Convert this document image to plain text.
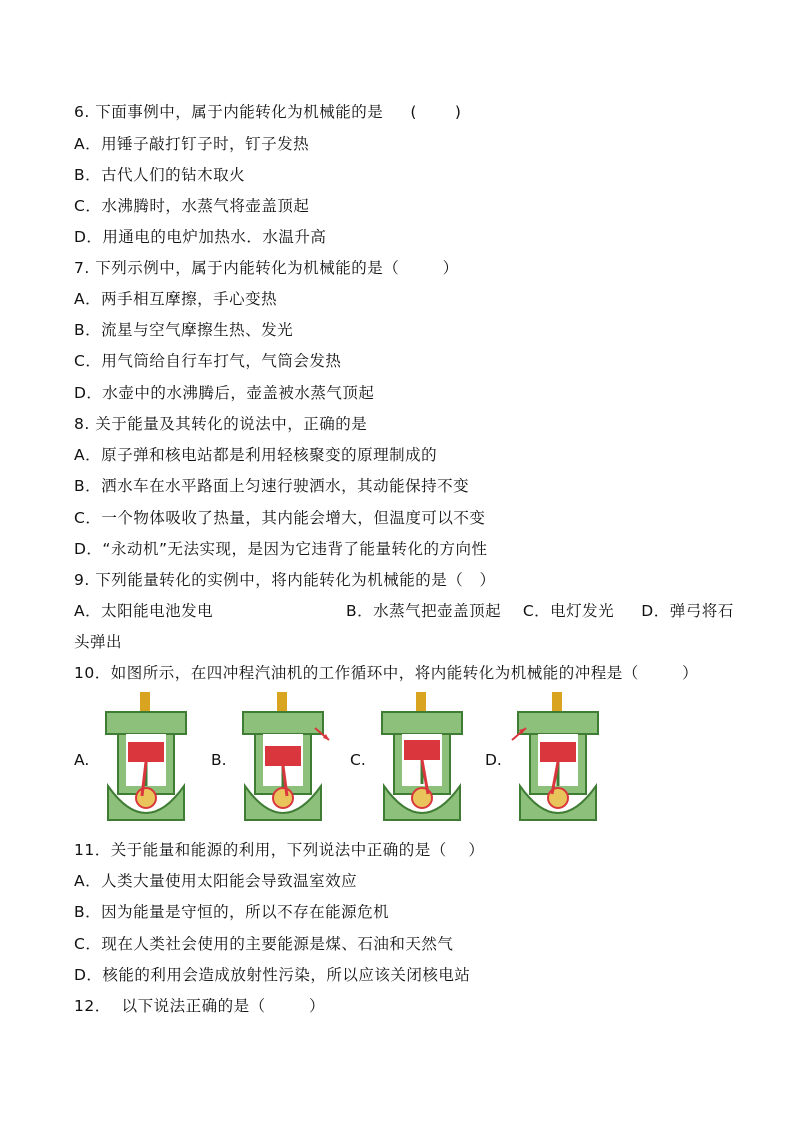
6. 下面事例中，属于内能转化为机械能的是     (       )
A．用锤子敲打钉子时，钉子发热
B．古代人们的钻木取火
C．水沸腾时，水蒸气将壶盖顶起
D．用通电的电炉加热水．水温升高
7. 下列示例中，属于内能转化为机械能的是（        ）
A．两手相互摩擦，手心变热
B．流星与空气摩擦生热、发光
C．用气筒给自行车打气，气筒会发热
D．水壶中的水沸腾后，壶盖被水蒸气顶起
8. 关于能量及其转化的说法中，正确的是
A．原子弹和核电站都是利用轻核聚变的原理制成的
B．洒水车在水平路面上匀速行驶洒水，其动能保持不变
C．一个物体吸收了热量，其内能会增大，但温度可以不变
D．“永动机”无法实现，是因为它违背了能量转化的方向性
9. 下列能量转化的实例中，将内能转化为机械能的是（   ）
A．太阳能电池发电	B．水蒸气把壶盖顶起    C．电灯发光     D．弹弓将石
头弹出
10．如图所示，在四冲程汽油机的工作循环中，将内能转化为机械能的冲程是（        ）
A.	B.	C.	D.
11．关于能量和能源的利用，下列说法中正确的是（    ）
A．人类大量使用太阳能会导致温室效应
B．因为能量是守恒的，所以不存在能源危机
C．现在人类社会使用的主要能源是煤、石油和天然气
D．核能的利用会造成放射性污染，所以应该关闭核电站
12．  以下说法正确的是（        ）
